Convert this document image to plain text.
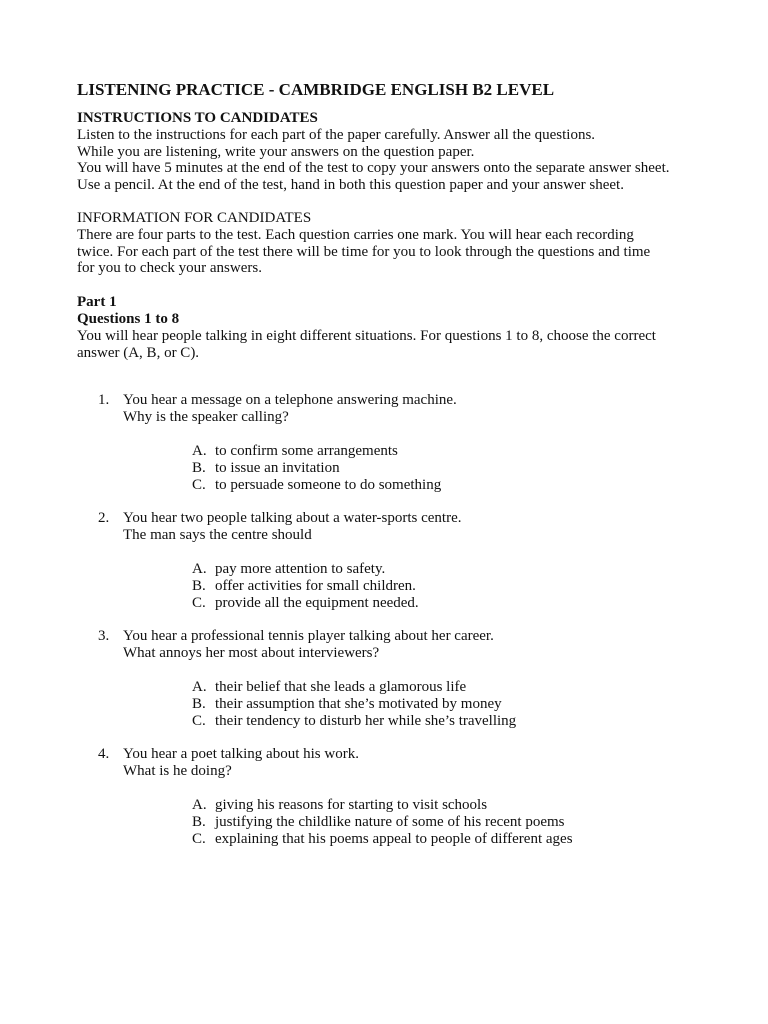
LISTENING PRACTICE - CAMBRIDGE ENGLISH B2 LEVEL
INSTRUCTIONS TO CANDIDATES
Listen to the instructions for each part of the paper carefully. Answer all the questions.
While you are listening, write your answers on the question paper.
You will have 5 minutes at the end of the test to copy your answers onto the separate answer sheet.
Use a pencil. At the end of the test, hand in both this question paper and your answer sheet.
INFORMATION FOR CANDIDATES
There are four parts to the test. Each question carries one mark. You will hear each recording
twice. For each part of the test there will be time for you to look through the questions and time
for you to check your answers.
Part 1
Questions 1 to 8
You will hear people talking in eight different situations. For questions 1 to 8, choose the correct
answer (A, B, or C).
1. You hear a message on a telephone answering machine.
Why is the speaker calling?
A. to confirm some arrangements
B. to issue an invitation
C. to persuade someone to do something
2. You hear two people talking about a water-sports centre.
The man says the centre should
A. pay more attention to safety.
B. offer activities for small children.
C. provide all the equipment needed.
3. You hear a professional tennis player talking about her career.
What annoys her most about interviewers?
A. their belief that she leads a glamorous life
B. their assumption that she’s motivated by money
C. their tendency to disturb her while she’s travelling
4. You hear a poet talking about his work.
What is he doing?
A. giving his reasons for starting to visit schools
B. justifying the childlike nature of some of his recent poems
C. explaining that his poems appeal to people of different ages
